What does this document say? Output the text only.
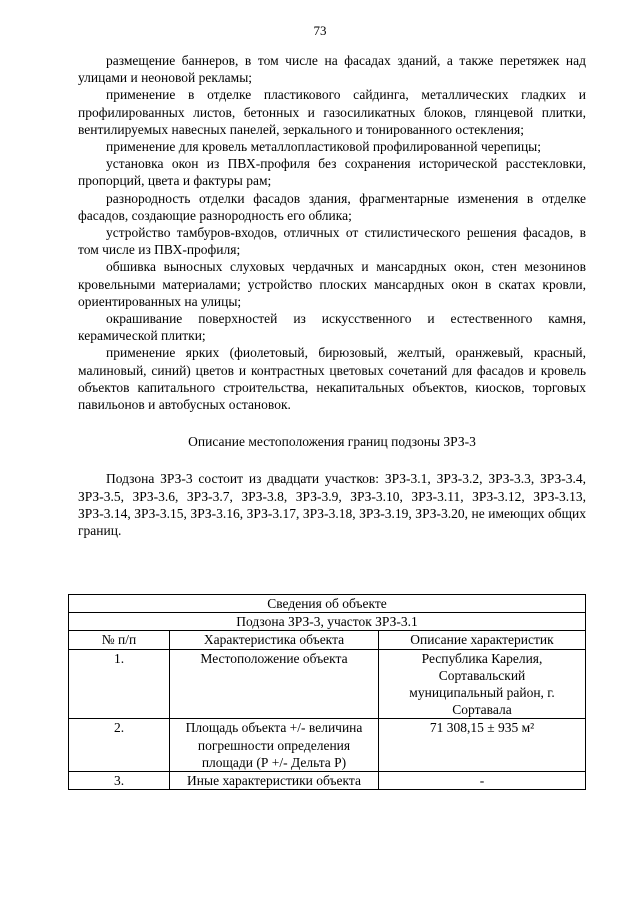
73

размещение баннеров, в том числе на фасадах зданий, а также перетяжек над улицами и неоновой рекламы;

применение в отделке пластикового сайдинга, металлических гладких и профилированных листов, бетонных и газосиликатных блоков, глянцевой плитки, вентилируемых навесных панелей, зеркального и тонированного остекления;

применение для кровель металлопластиковой профилированной черепицы;

установка окон из ПВХ-профиля без сохранения исторической расстекловки, пропорций, цвета и фактуры рам;

разнородность отделки фасадов здания, фрагментарные изменения в отделке фасадов, создающие разнородность его облика;

устройство тамбуров-входов, отличных от стилистического решения фасадов, в том числе из ПВХ-профиля;

обшивка выносных слуховых чердачных и мансардных окон, стен мезонинов кровельными материалами; устройство плоских мансардных окон в скатах кровли, ориентированных на улицы;

окрашивание поверхностей из искусственного и естественного камня, керамической плитки;

применение ярких (фиолетовый, бирюзовый, желтый, оранжевый, красный, малиновый, синий) цветов и контрастных цветовых сочетаний для фасадов и кровель объектов капитального строительства, некапитальных объектов, киосков, торговых павильонов и автобусных остановок.

Описание местоположения границ подзоны ЗРЗ-3

Подзона ЗРЗ-3 состоит из двадцати участков: ЗРЗ-3.1, ЗРЗ-3.2, ЗРЗ-3.3, ЗРЗ-3.4, ЗРЗ-3.5, ЗРЗ-3.6, ЗРЗ-3.7, ЗРЗ-3.8, ЗРЗ-3.9, ЗРЗ-3.10, ЗРЗ-3.11, ЗРЗ-3.12, ЗРЗ-3.13, ЗРЗ-3.14, ЗРЗ-3.15, ЗРЗ-3.16, ЗРЗ-3.17, ЗРЗ-3.18, ЗРЗ-3.19, ЗРЗ-3.20, не имеющих общих границ.

Сведения об объекте		
Подзона ЗРЗ-3, участок ЗРЗ-3.1		
№ п/п	Характеристика объекта	Описание характеристик
1.	Местоположение объекта	Республика Карелия, Сортавальский муниципальный район, г. Сортавала
2.	Площадь объекта +/- величина погрешности определения площади (Р +/- Дельта Р)	71 308,15 ± 935 м²
3.	Иные характеристики объекта	-
